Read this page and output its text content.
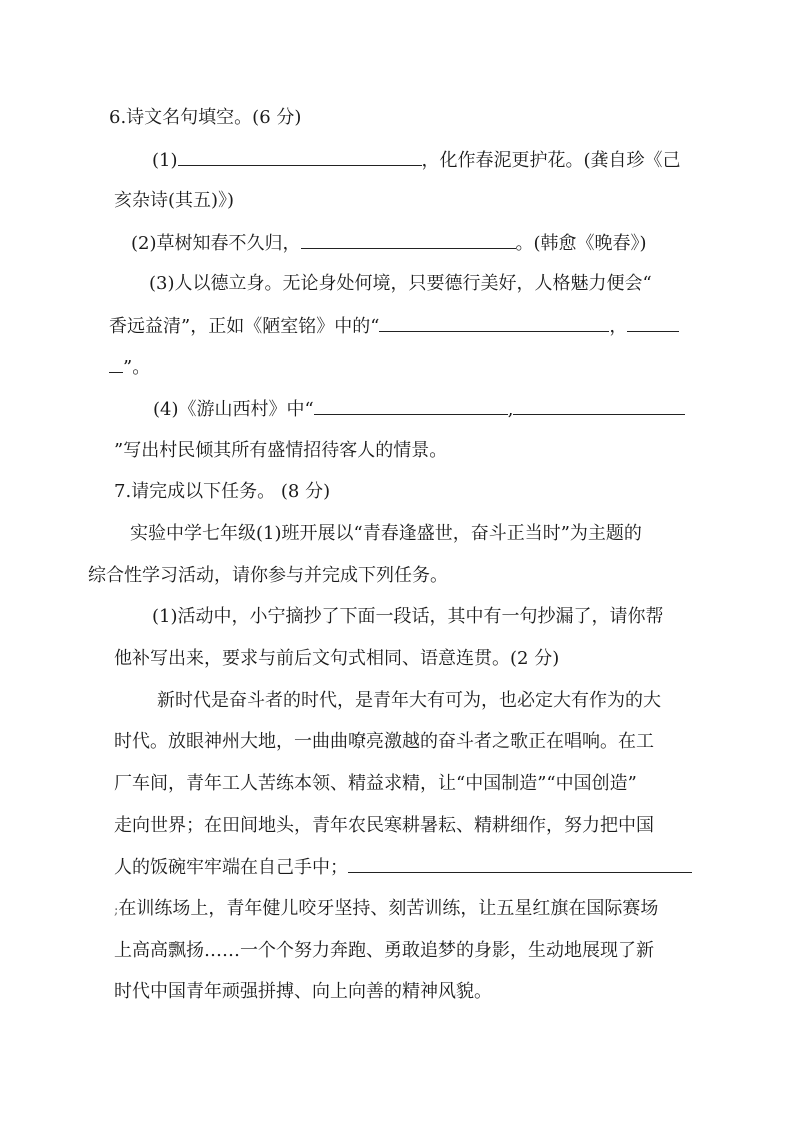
6.诗文名句填空。(6 分)
(1)	，化作春泥更护花。(龚自珍《己
亥杂诗(其五)》)
(2)草树知春不久归，	。(韩愈《晚春》)
(3)人以德立身。无论身处何境，只要德行美好，人格魅力便会“
香远益清”，正如《陋室铭》中的“	，
”。
(4)《游山西村》中“	,
”写出村民倾其所有盛情招待客人的情景。
7.请完成以下任务。 (8 分)
实验中学七年级(1)班开展以“青春逢盛世，奋斗正当时”为主题的
综合性学习活动，请你参与并完成下列任务。
(1)活动中，小宁摘抄了下面一段话，其中有一句抄漏了，请你帮
他补写出来，要求与前后文句式相同、语意连贯。(2 分)
新时代是奋斗者的时代，是青年大有可为，也必定大有作为的大
时代。放眼神州大地，一曲曲嘹亮激越的奋斗者之歌正在唱响。在工
厂车间，青年工人苦练本领、精益求精，让“中国制造”“中国创造”
走向世界；在田间地头，青年农民寒耕暑耘、精耕细作，努力把中国
人的饭碗牢牢端在自己手中；
;在训练场上，青年健儿咬牙坚持、刻苦训练，让五星红旗在国际赛场
上高高飘扬……一个个努力奔跑、勇敢追梦的身影，生动地展现了新
时代中国青年顽强拼搏、向上向善的精神风貌。
